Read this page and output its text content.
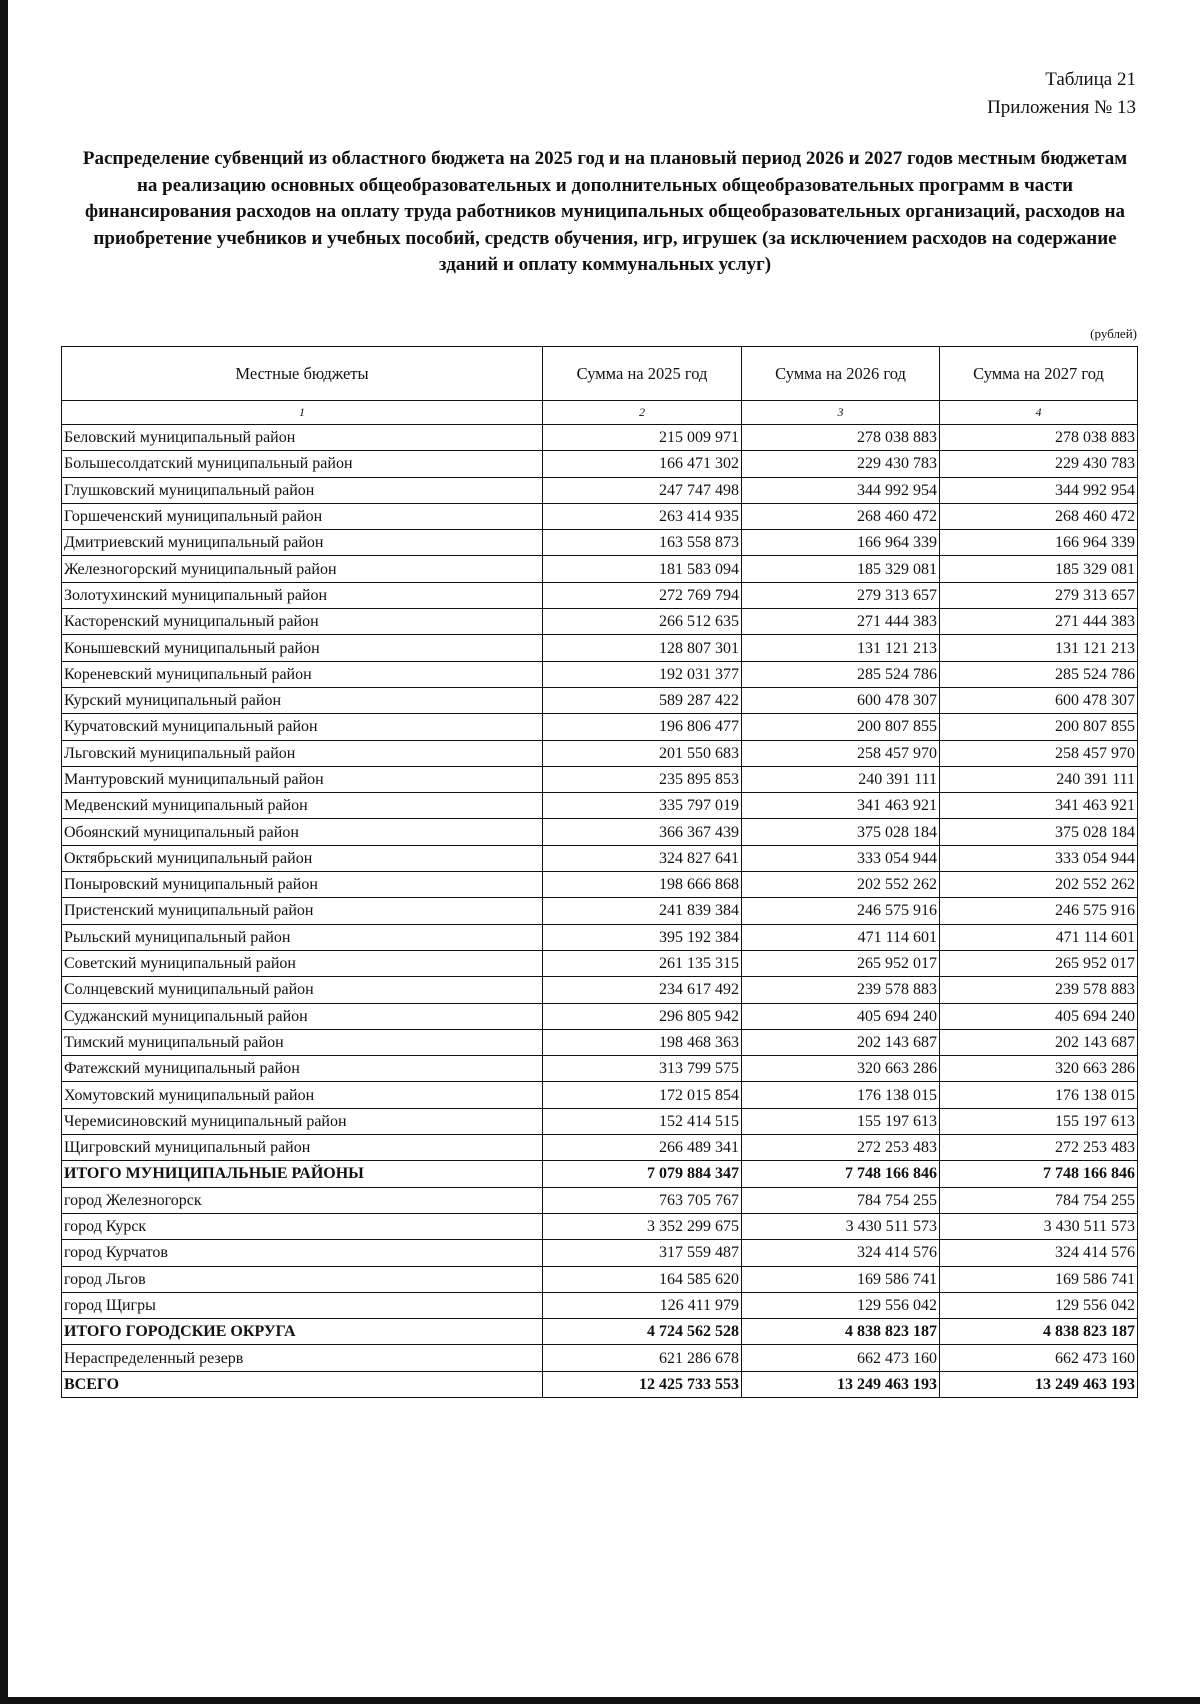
Таблица 21
Приложения № 13
Распределение субвенций из областного бюджета на 2025 год и на плановый период 2026 и 2027 годов местным бюджетам на реализацию основных общеобразовательных и дополнительных общеобразовательных программ в части финансирования расходов на оплату труда работников муниципальных общеобразовательных организаций, расходов на приобретение учебников и учебных пособий, средств обучения, игр, игрушек (за исключением расходов на содержание зданий и оплату коммунальных услуг)
(рублей)
Местные бюджеты	Сумма на 2025 год	Сумма на 2026 год	Сумма на 2027 год
1	2	3	4
Беловский муниципальный район	215 009 971	278 038 883	278 038 883
Большесолдатский муниципальный район	166 471 302	229 430 783	229 430 783
Глушковский муниципальный район	247 747 498	344 992 954	344 992 954
Горшеченский муниципальный район	263 414 935	268 460 472	268 460 472
Дмитриевский муниципальный район	163 558 873	166 964 339	166 964 339
Железногорский муниципальный район	181 583 094	185 329 081	185 329 081
Золотухинский муниципальный район	272 769 794	279 313 657	279 313 657
Касторенский муниципальный район	266 512 635	271 444 383	271 444 383
Конышевский муниципальный район	128 807 301	131 121 213	131 121 213
Кореневский муниципальный район	192 031 377	285 524 786	285 524 786
Курский муниципальный район	589 287 422	600 478 307	600 478 307
Курчатовский муниципальный район	196 806 477	200 807 855	200 807 855
Льговский муниципальный район	201 550 683	258 457 970	258 457 970
Мантуровский муниципальный район	235 895 853	240 391 111	240 391 111
Медвенский муниципальный район	335 797 019	341 463 921	341 463 921
Обоянский муниципальный район	366 367 439	375 028 184	375 028 184
Октябрьский муниципальный район	324 827 641	333 054 944	333 054 944
Поныровский муниципальный район	198 666 868	202 552 262	202 552 262
Пристенский муниципальный район	241 839 384	246 575 916	246 575 916
Рыльский муниципальный район	395 192 384	471 114 601	471 114 601
Советский муниципальный район	261 135 315	265 952 017	265 952 017
Солнцевский муниципальный район	234 617 492	239 578 883	239 578 883
Суджанский муниципальный район	296 805 942	405 694 240	405 694 240
Тимский муниципальный район	198 468 363	202 143 687	202 143 687
Фатежский муниципальный район	313 799 575	320 663 286	320 663 286
Хомутовский муниципальный район	172 015 854	176 138 015	176 138 015
Черемисиновский муниципальный район	152 414 515	155 197 613	155 197 613
Щигровский муниципальный район	266 489 341	272 253 483	272 253 483
ИТОГО МУНИЦИПАЛЬНЫЕ РАЙОНЫ	7 079 884 347	7 748 166 846	7 748 166 846
город Железногорск	763 705 767	784 754 255	784 754 255
город Курск	3 352 299 675	3 430 511 573	3 430 511 573
город Курчатов	317 559 487	324 414 576	324 414 576
город Льгов	164 585 620	169 586 741	169 586 741
город Щигры	126 411 979	129 556 042	129 556 042
ИТОГО ГОРОДСКИЕ ОКРУГА	4 724 562 528	4 838 823 187	4 838 823 187
Нераспределенный резерв	621 286 678	662 473 160	662 473 160
ВСЕГО	12 425 733 553	13 249 463 193	13 249 463 193
